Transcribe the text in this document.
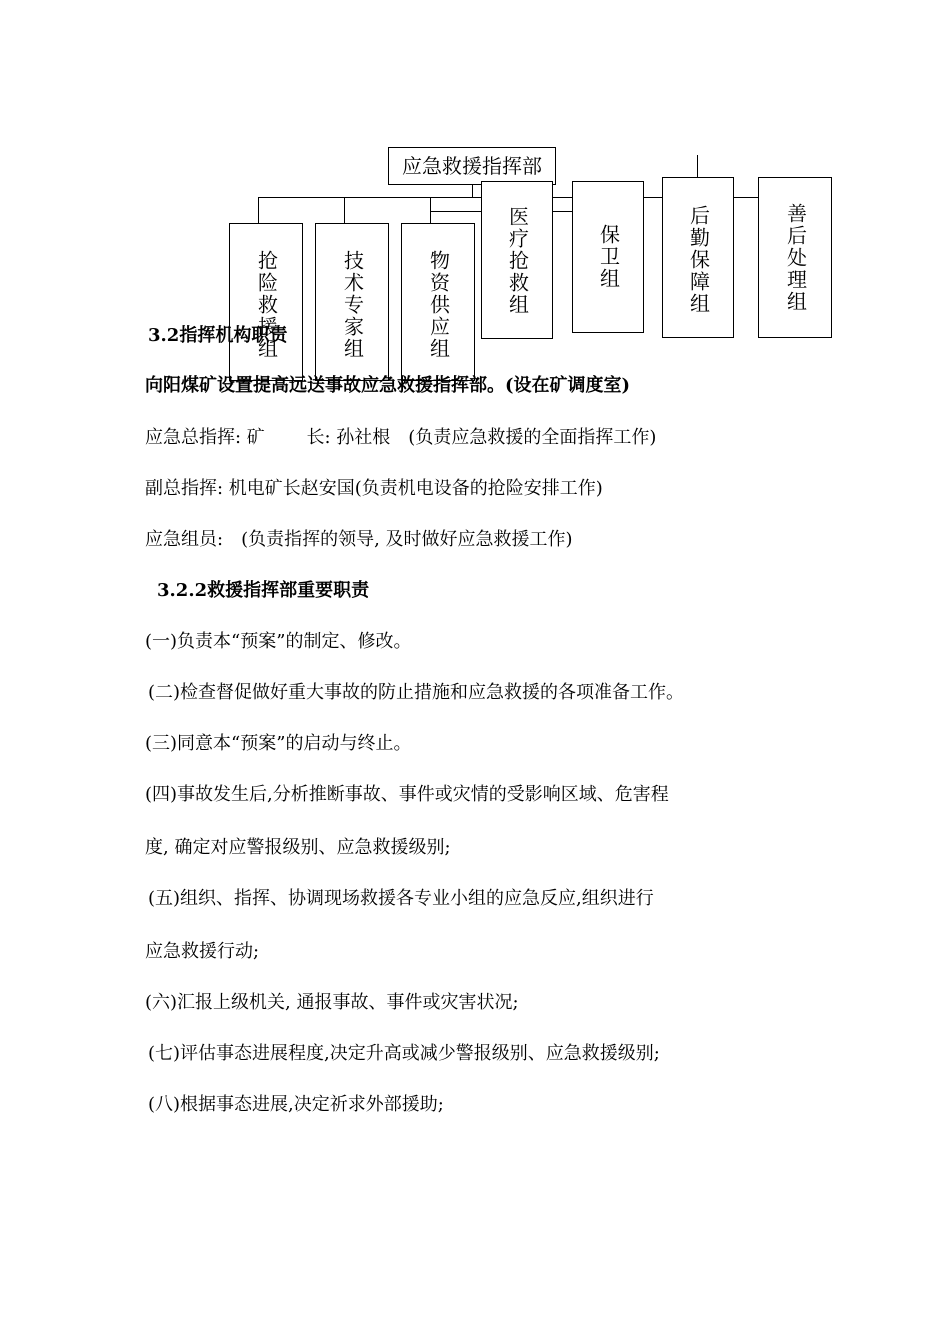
应急救援指挥部
抢险救援组	技术专家组	物资供应组	医疗抢救组	保卫组	后勤保障组	善后处理组
3.2指挥机构职责
向阳煤矿设置提高远送事故应急救援指挥部。(设在矿调度室)
应急总指挥: 矿　　 长: 孙社根　(负责应急救援的全面指挥工作)
副总指挥: 机电矿长赵安国(负责机电设备的抢险安排工作)
应急组员:　(负责指挥的领导, 及时做好应急救援工作)
3.2.2救援指挥部重要职责
(一)负责本“预案”的制定、修改。
(二)检查督促做好重大事故的防止措施和应急救援的各项准备工作。
(三)同意本“预案”的启动与终止。
(四)事故发生后,分析推断事故、事件或灾情的受影响区域、危害程
度, 确定对应警报级别、应急救援级别;
(五)组织、指挥、协调现场救援各专业小组的应急反应,组织进行
应急救援行动;
(六)汇报上级机关, 通报事故、事件或灾害状况;
(七)评估事态进展程度,决定升高或减少警报级别、应急救援级别;
(八)根据事态进展,决定祈求外部援助;
